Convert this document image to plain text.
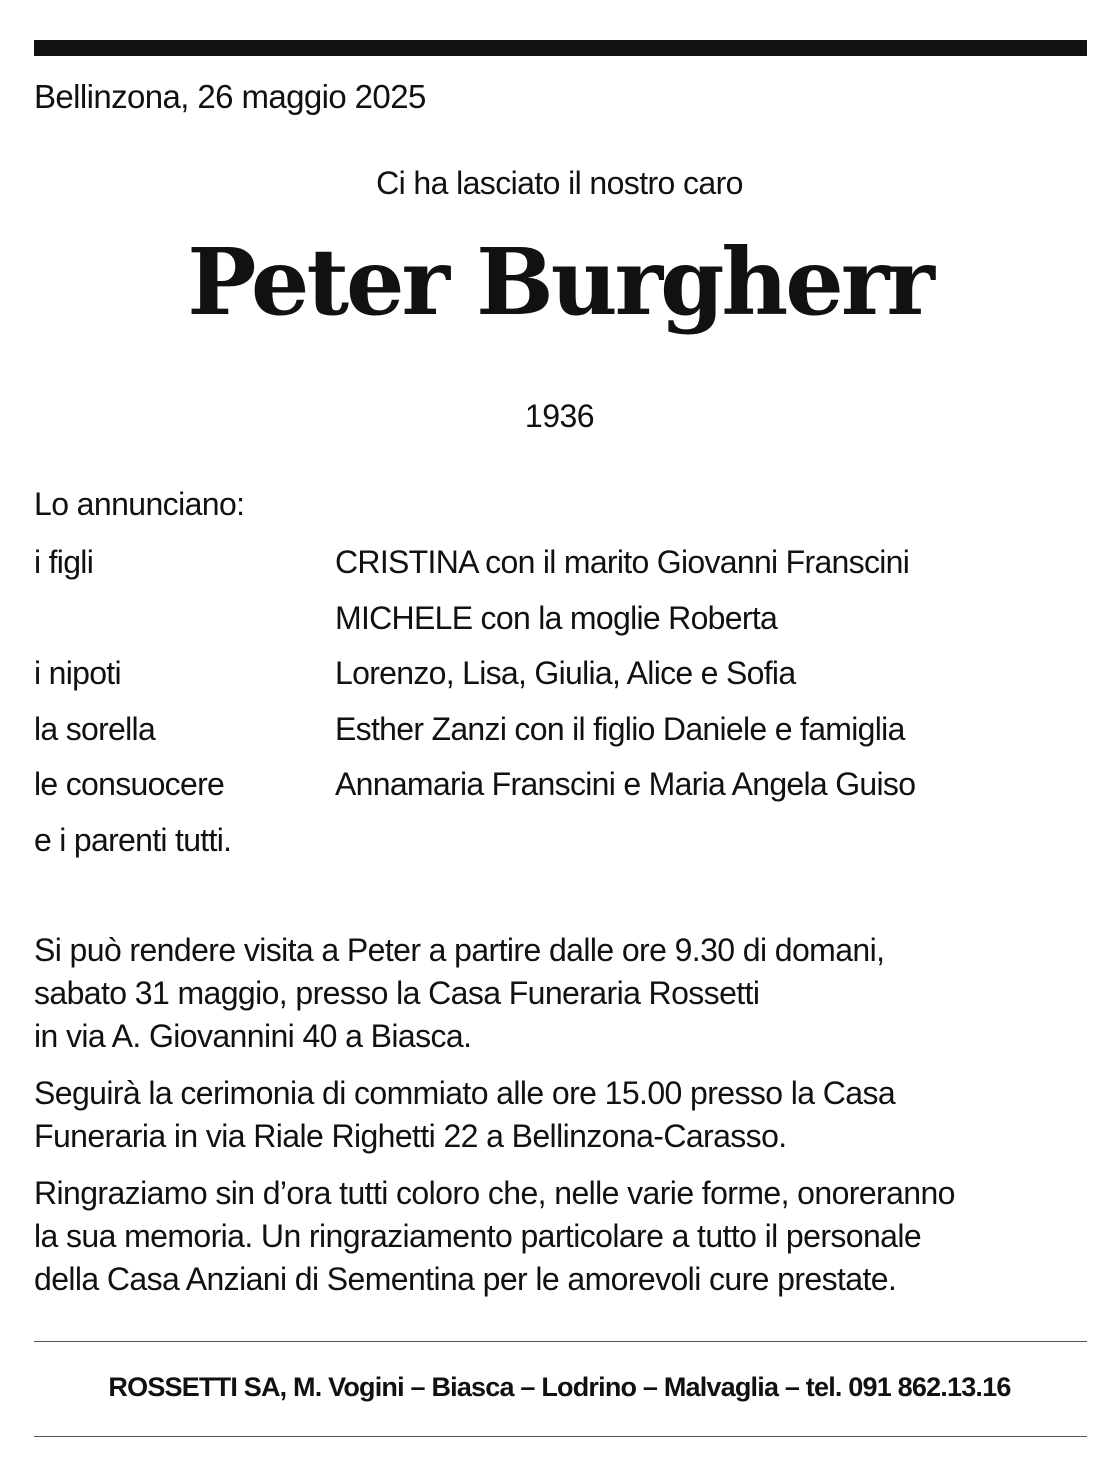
Bellinzona, 26 maggio 2025
Ci ha lasciato il nostro caro
Peter Burgherr
1936
Lo annunciano:
i figli	CRISTINA con il marito Giovanni Franscini
MICHELE con la moglie Roberta
i nipoti	Lorenzo, Lisa, Giulia, Alice e Sofia
la sorella	Esther Zanzi con il figlio Daniele e famiglia
le consuocere	Annamaria Franscini e Maria Angela Guiso
e i parenti tutti.
Si può rendere visita a Peter a partire dalle ore 9.30 di domani,
sabato 31 maggio, presso la Casa Funeraria Rossetti
in via A. Giovannini 40 a Biasca.
Seguirà la cerimonia di commiato alle ore 15.00 presso la Casa
Funeraria in via Riale Righetti 22 a Bellinzona-Carasso.
Ringraziamo sin d’ora tutti coloro che, nelle varie forme, onoreranno
la sua memoria. Un ringraziamento particolare a tutto il personale
della Casa Anziani di Sementina per le amorevoli cure prestate.
ROSSETTI SA, M. Vogini – Biasca – Lodrino – Malvaglia – tel. 091 862.13.16
